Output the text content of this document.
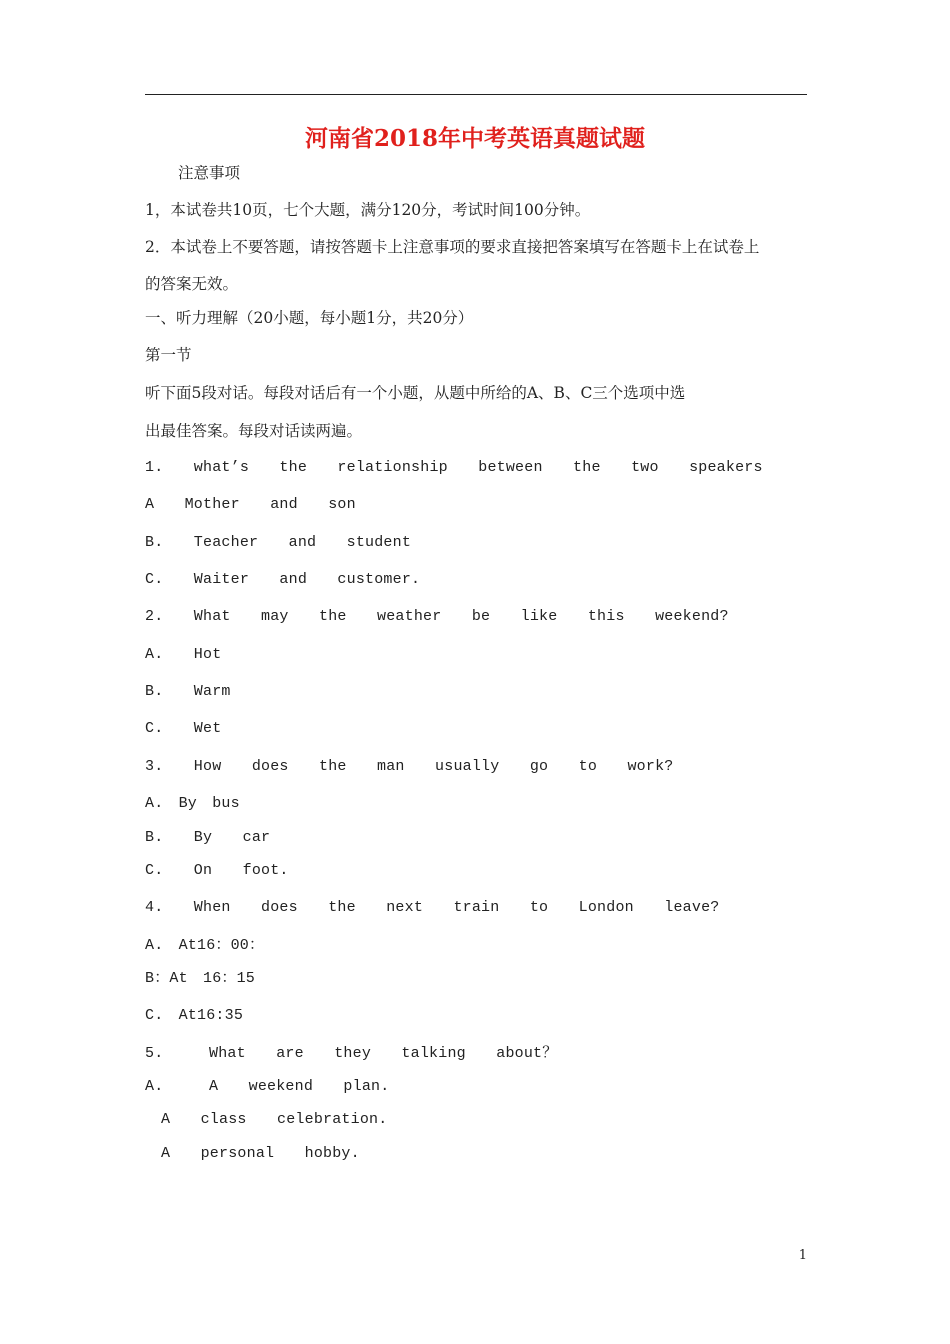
河南省2018年中考英语真题试题
注意事项
1，本试卷共10页，七个大题，满分120分，考试时间100分钟。
2．本试卷上不要答题，请按答题卡上注意事项的要求直接把答案填写在答题卡上在试卷上
的答案无效。
一、听力理解（20小题，每小题1分，共20分）
第一节
听下面5段对话。每段对话后有一个小题，从题中所给的A、B、C三个选项中选
出最佳答案。每段对话读两遍。
1.  what’s  the  relationship  between  the  two  speakers
A  Mother  and  son
B.  Teacher  and  student
C.  Waiter  and  customer.
2.  What  may  the  weather  be  like  this  weekend?
A.  Hot
B.  Warm
C.  Wet
3.  How  does  the  man  usually  go  to  work?
A. By bus
B.  By  car
C.  On  foot.
4.  When  does  the  next  train  to  London  leave?
A. At16：00：
B：At 16：15
C. At16:35
5.   What  are  they  talking  about？
A.   A  weekend  plan.
A  class  celebration.
A  personal  hobby.
1
